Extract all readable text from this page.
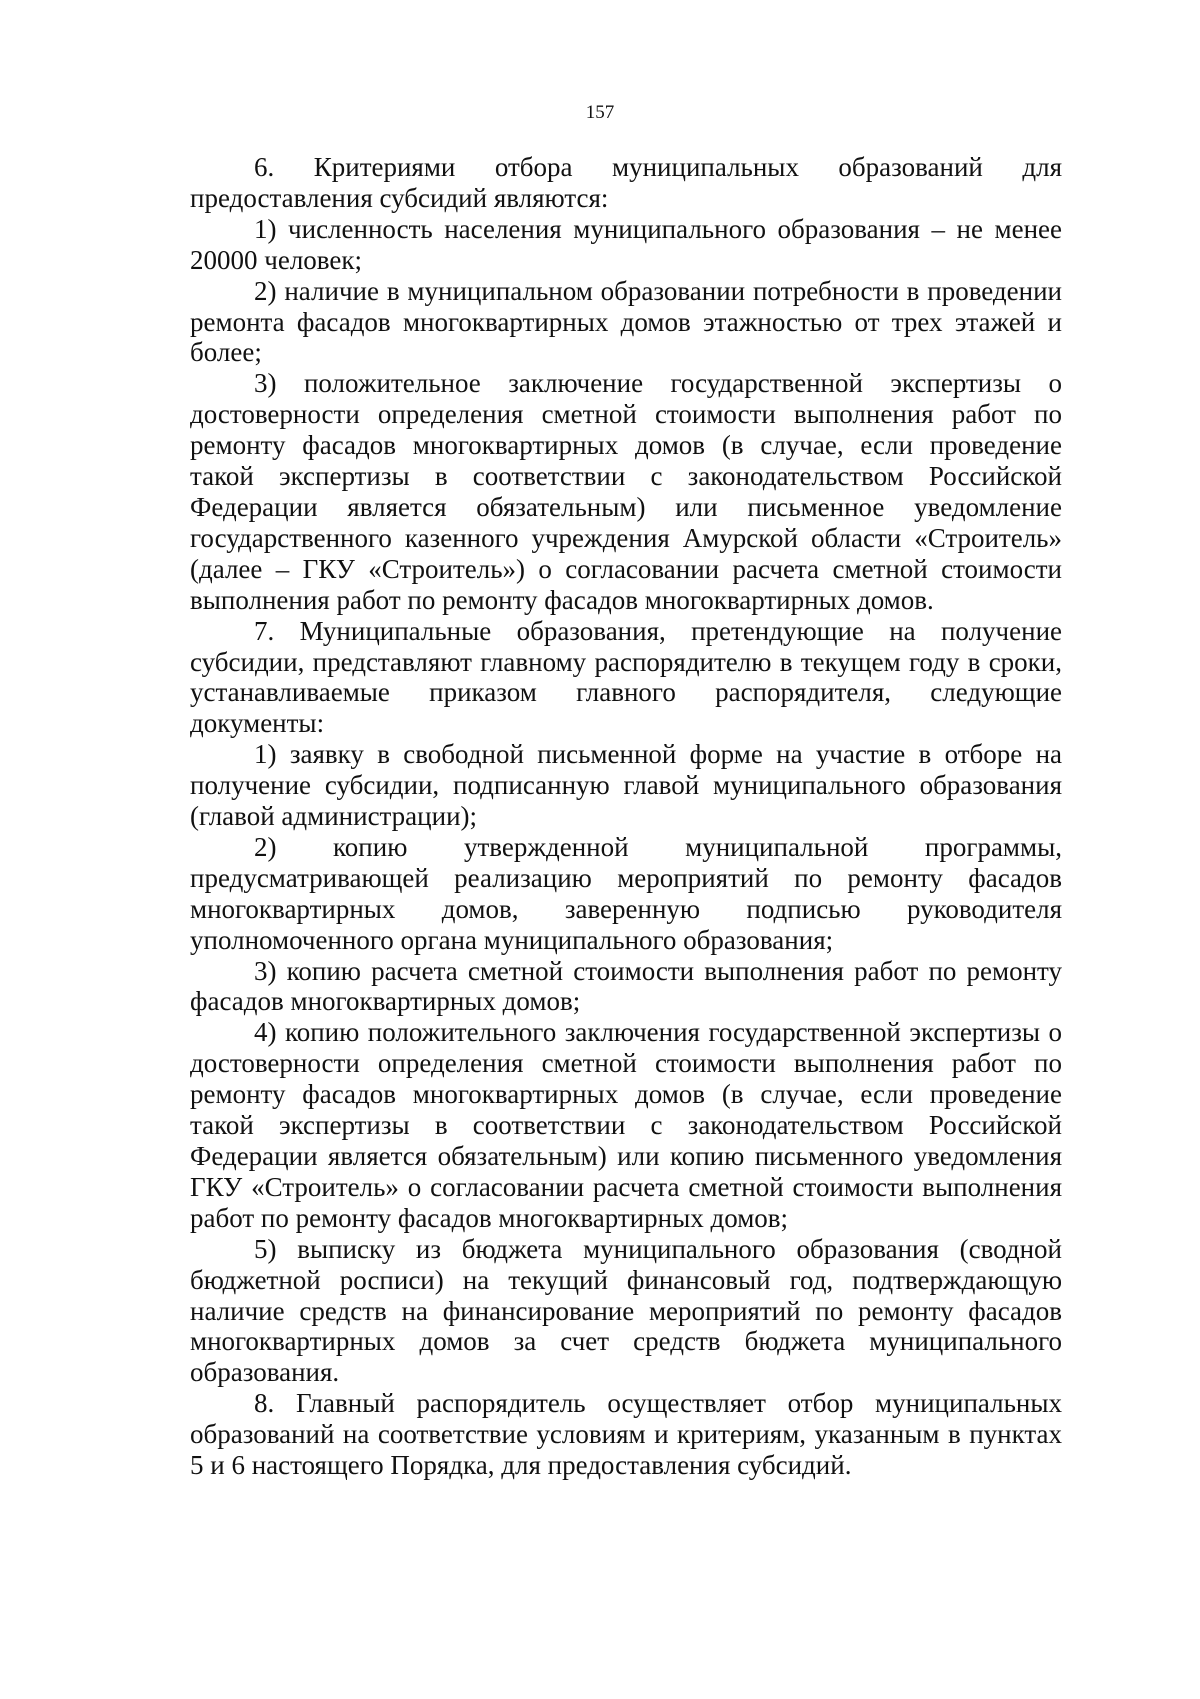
157

6. Критериями отбора муниципальных образований для предоставления субсидий являются:

1) численность населения муниципального образования – не менее 20000 человек;

2) наличие в муниципальном образовании потребности в проведении ремонта фасадов многоквартирных домов этажностью от трех этажей и более;

3) положительное заключение государственной экспертизы о достоверности определения сметной стоимости выполнения работ по ремонту фасадов многоквартирных домов (в случае, если проведение такой экспертизы в соответствии с законодательством Российской Федерации является обязательным) или письменное уведомление государственного казенного учреждения Амурской области «Строитель» (далее – ГКУ «Строитель») о согласовании расчета сметной стоимости выполнения работ по ремонту фасадов многоквартирных домов.

7. Муниципальные образования, претендующие на получение субсидии, представляют главному распорядителю в текущем году в сроки, устанавливаемые приказом главного распорядителя, следующие документы:

1) заявку в свободной письменной форме на участие в отборе на получение субсидии, подписанную главой муниципального образования (главой администрации);

2) копию утвержденной муниципальной программы, предусматривающей реализацию мероприятий по ремонту фасадов многоквартирных домов, заверенную подписью руководителя уполномоченного органа муниципального образования;

3) копию расчета сметной стоимости выполнения работ по ремонту фасадов многоквартирных домов;

4) копию положительного заключения государственной экспертизы о достоверности определения сметной стоимости выполнения работ по ремонту фасадов многоквартирных домов (в случае, если проведение такой экспертизы в соответствии с законодательством Российской Федерации является обязательным) или копию письменного уведомления ГКУ «Строитель» о согласовании расчета сметной стоимости выполнения работ по ремонту фасадов многоквартирных домов;

5) выписку из бюджета муниципального образования (сводной бюджетной росписи) на текущий финансовый год, подтверждающую наличие средств на финансирование мероприятий по ремонту фасадов многоквартирных домов за счет средств бюджета муниципального образования.

8. Главный распорядитель осуществляет отбор муниципальных образований на соответствие условиям и критериям, указанным в пунктах 5 и 6 настоящего Порядка, для предоставления субсидий.
